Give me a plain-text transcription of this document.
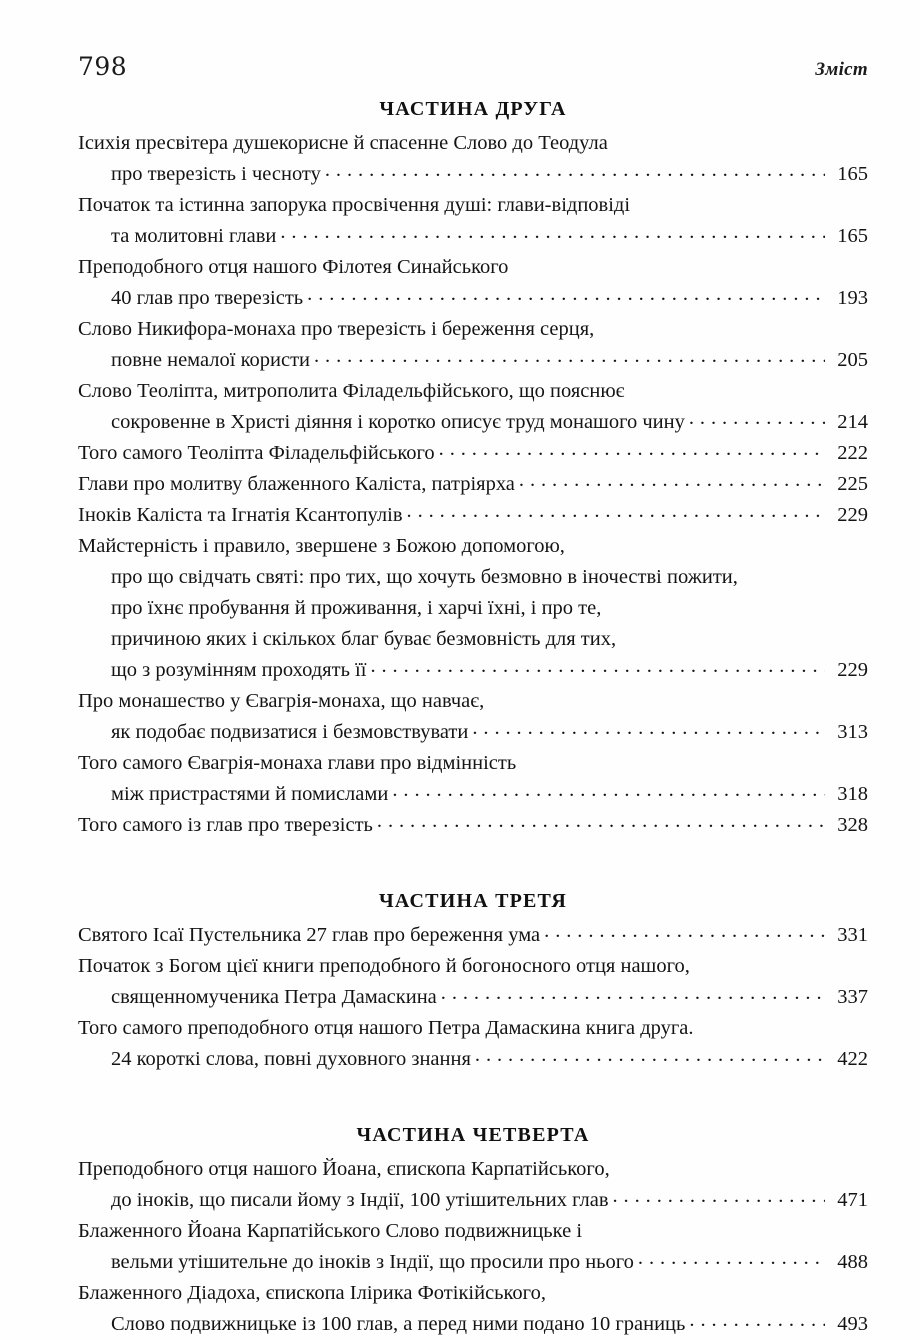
798	Зміст
ЧАСТИНА ДРУГА
Ісихія пресвітера душекорисне й спасенне Слово до Теодула
про тверезість і чесноту . . .	165
Початок та істинна запорука просвічення душі: глави-відповіді
та молитовні глави . . .	165
Преподобного отця нашого Філотея Синайського
40 глав про тверезість . . .	193
Слово Никифора-монаха про тверезість і береження серця,
повне немалої користи . . .	205
Слово Теоліпта, митрополита Філадельфійського, що пояснює
сокровенне в Христі діяння і коротко описує труд монашого чину . . .	214
Того самого Теоліпта Філадельфійського . . .	222
Глави про молитву блаженного Каліста, патріярха . . .	225
Іноків Каліста та Ігнатія Ксантопулів . . .	229
Майстерність і правило, звершене з Божою допомогою,
про що свідчать святі: про тих, що хочуть безмовно в іночестві пожити,
про їхнє пробування й проживання, і харчі їхні, і про те,
причиною яких і скількох благ буває безмовність для тих,
що з розумінням проходять її . . .	229
Про монашество у Євагрія-монаха, що навчає,
як подобає подвизатися і безмовствувати . . .	313
Того самого Євагрія-монаха глави про відмінність
між пристрастями й помислами . . .	318
Того самого із глав про тверезість . . .	328
ЧАСТИНА ТРЕТЯ
Святого Ісаї Пустельника 27 глав про береження ума . . .	331
Початок з Богом цієї книги преподобного й богоносного отця нашого,
священномученика Петра Дамаскина . . .	337
Того самого преподобного отця нашого Петра Дамаскина книга друга.
24 короткі слова, повні духовного знання . . .	422
ЧАСТИНА ЧЕТВЕРТА
Преподобного отця нашого Йоана, єпископа Карпатійського,
до іноків, що писали йому з Індії, 100 утішительних глав . . .	471
Блаженного Йоана Карпатійського Слово подвижницьке і
вельми утішительне до іноків з Індії, що просили про нього . . .	488
Блаженного Діадоха, єпископа Ілірика Фотікійського,
Слово подвижницьке із 100 глав, а перед ними подано 10 границь . . .	493
